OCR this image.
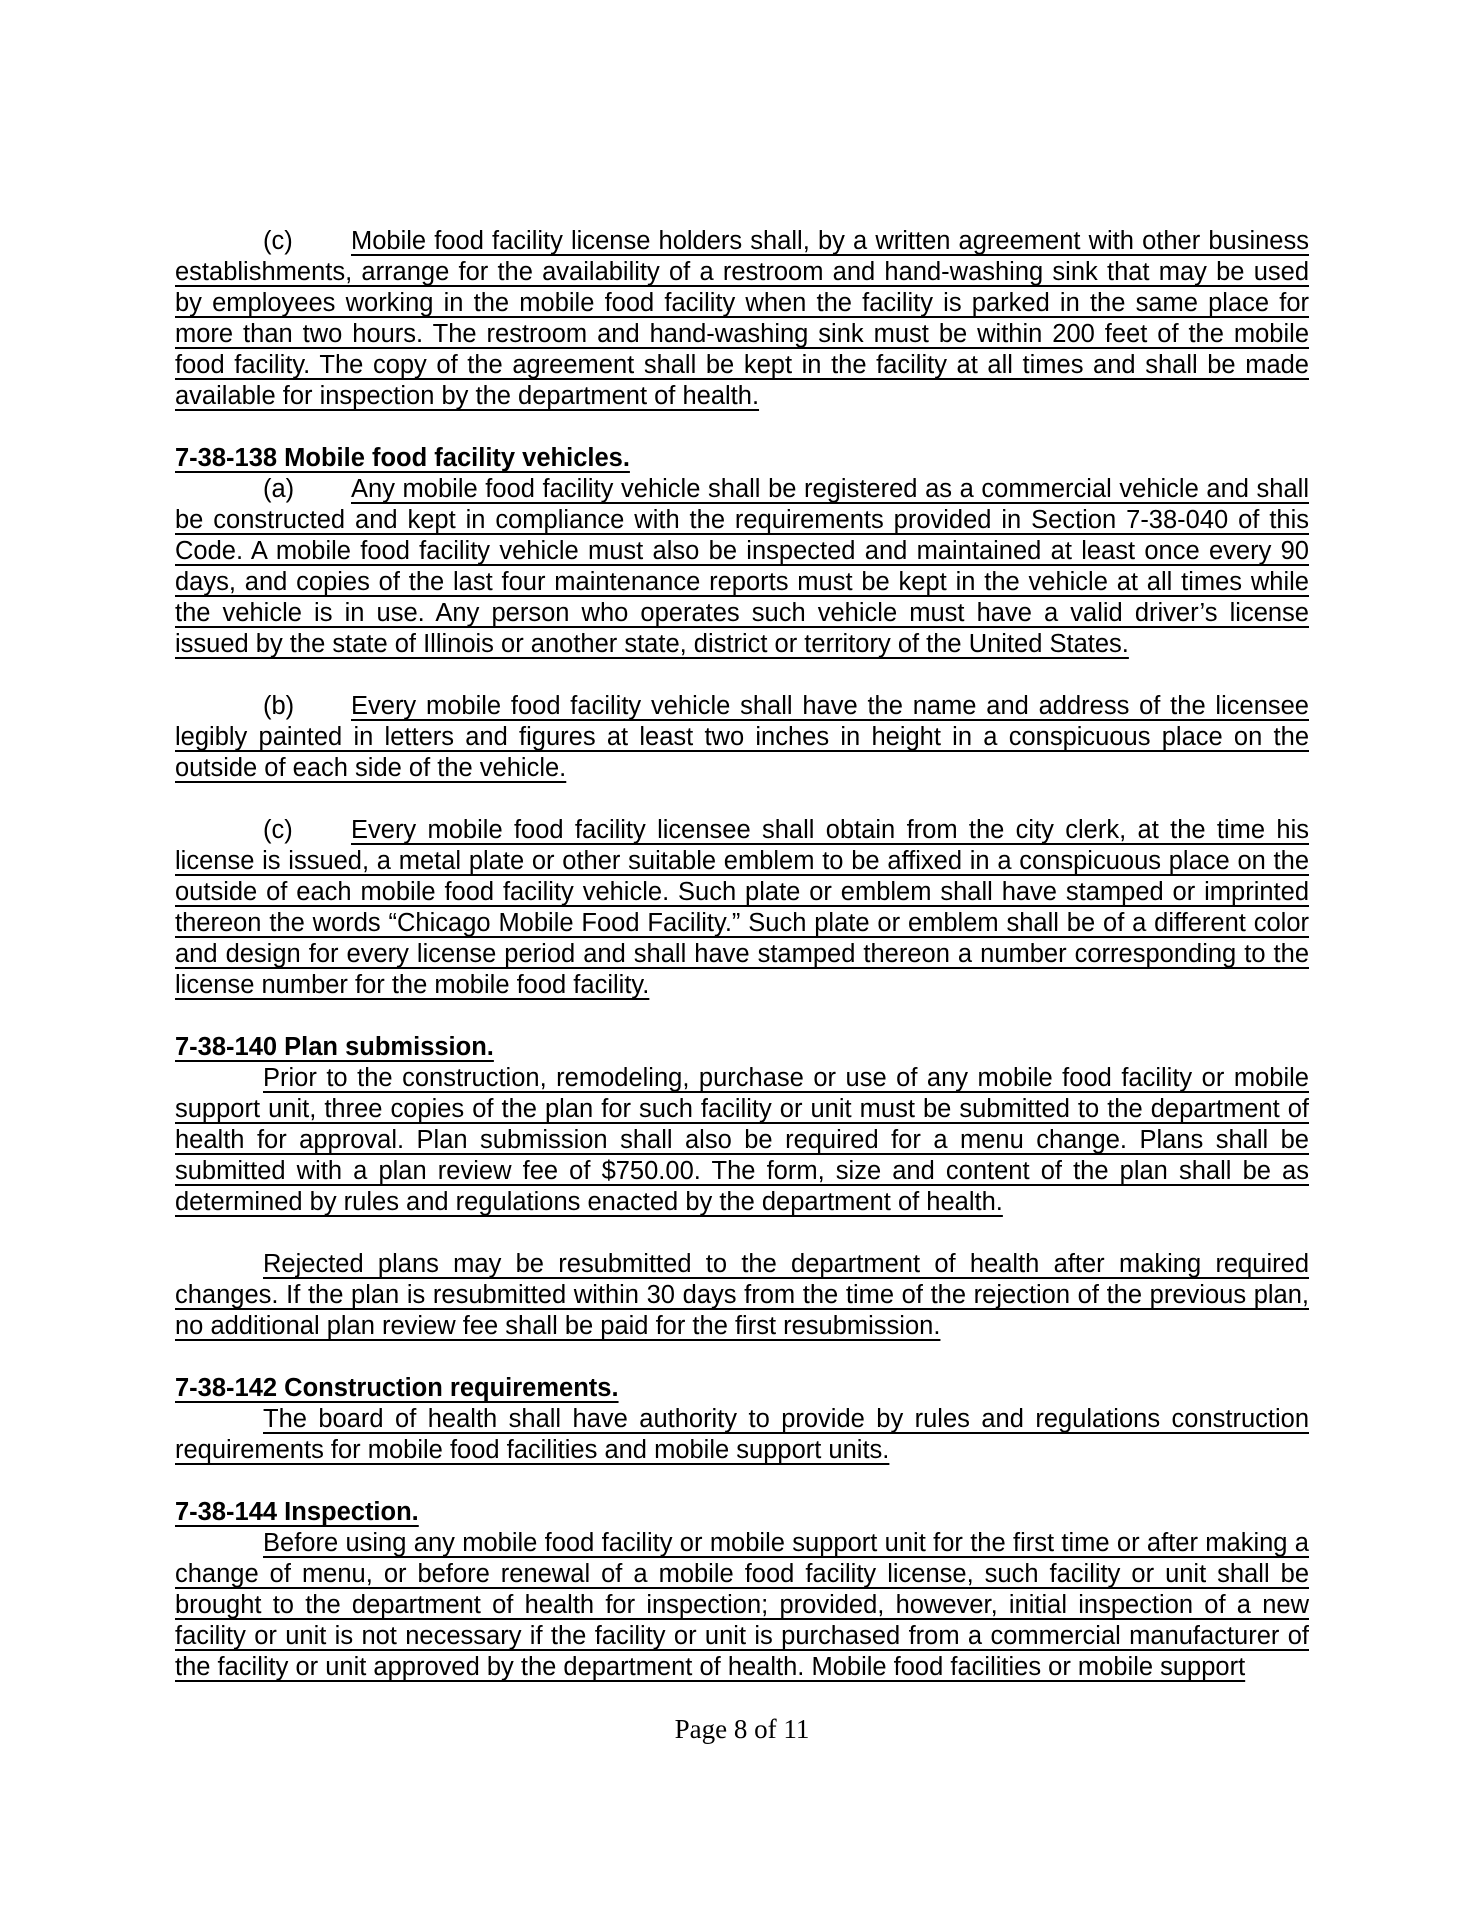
(c) Mobile food facility license holders shall, by a written agreement with other business establishments, arrange for the availability of a restroom and hand-washing sink that may be used by employees working in the mobile food facility when the facility is parked in the same place for more than two hours. The restroom and hand-washing sink must be within 200 feet of the mobile food facility. The copy of the agreement shall be kept in the facility at all times and shall be made available for inspection by the department of health.

7-38-138 Mobile food facility vehicles.

(a) Any mobile food facility vehicle shall be registered as a commercial vehicle and shall be constructed and kept in compliance with the requirements provided in Section 7-38-040 of this Code. A mobile food facility vehicle must also be inspected and maintained at least once every 90 days, and copies of the last four maintenance reports must be kept in the vehicle at all times while the vehicle is in use. Any person who operates such vehicle must have a valid driver’s license issued by the state of Illinois or another state, district or territory of the United States.

(b) Every mobile food facility vehicle shall have the name and address of the licensee legibly painted in letters and figures at least two inches in height in a conspicuous place on the outside of each side of the vehicle.

(c) Every mobile food facility licensee shall obtain from the city clerk, at the time his license is issued, a metal plate or other suitable emblem to be affixed in a conspicuous place on the outside of each mobile food facility vehicle. Such plate or emblem shall have stamped or imprinted thereon the words “Chicago Mobile Food Facility.” Such plate or emblem shall be of a different color and design for every license period and shall have stamped thereon a number corresponding to the license number for the mobile food facility.

7-38-140 Plan submission.

Prior to the construction, remodeling, purchase or use of any mobile food facility or mobile support unit, three copies of the plan for such facility or unit must be submitted to the department of health for approval. Plan submission shall also be required for a menu change. Plans shall be submitted with a plan review fee of $750.00. The form, size and content of the plan shall be as determined by rules and regulations enacted by the department of health.

Rejected plans may be resubmitted to the department of health after making required changes. If the plan is resubmitted within 30 days from the time of the rejection of the previous plan, no additional plan review fee shall be paid for the first resubmission.

7-38-142 Construction requirements.

The board of health shall have authority to provide by rules and regulations construction requirements for mobile food facilities and mobile support units.

7-38-144 Inspection.

Before using any mobile food facility or mobile support unit for the first time or after making a change of menu, or before renewal of a mobile food facility license, such facility or unit shall be brought to the department of health for inspection; provided, however, initial inspection of a new facility or unit is not necessary if the facility or unit is purchased from a commercial manufacturer of the facility or unit approved by the department of health. Mobile food facilities or mobile support

Page 8 of 11
